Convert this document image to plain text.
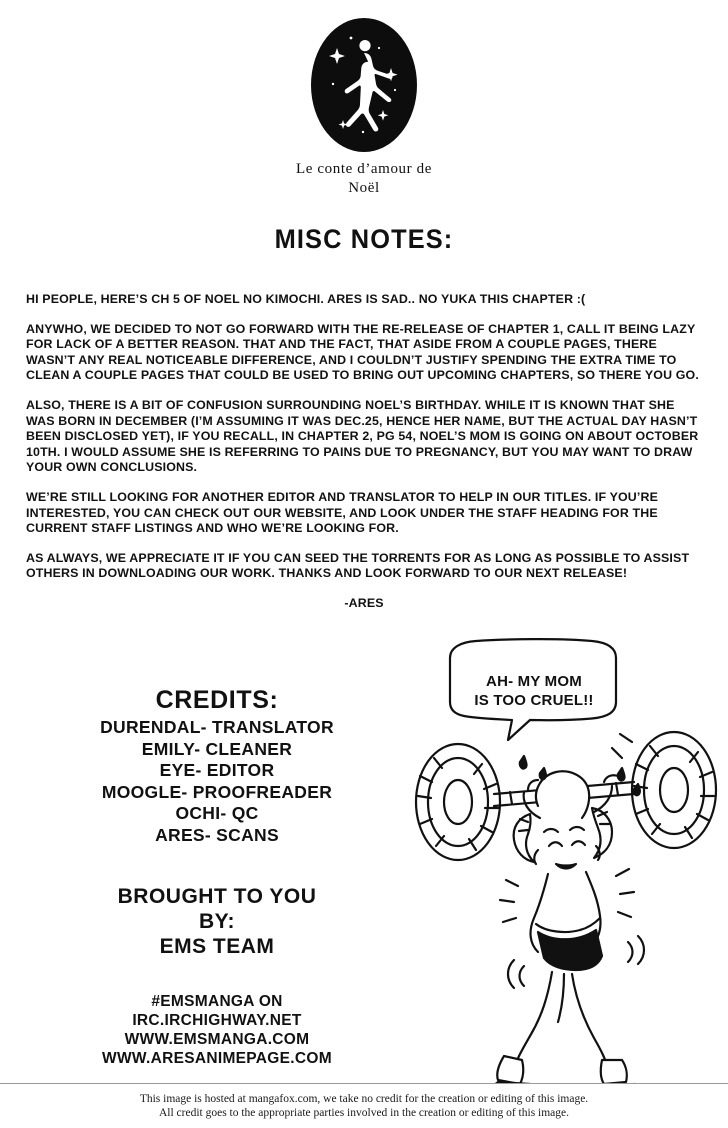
Le conte d’amour de
Noël
MISC NOTES:

HI PEOPLE, HERE’S CH 5 OF NOEL NO KIMOCHI. ARES IS SAD.. NO YUKA THIS CHAPTER :(

ANYWHO, WE DECIDED TO NOT GO FORWARD WITH THE RE-RELEASE OF CHAPTER 1, CALL IT BEING LAZY FOR LACK OF A BETTER REASON. THAT AND THE FACT, THAT ASIDE FROM A COUPLE PAGES, THERE WASN’T ANY REAL NOTICEABLE DIFFERENCE, AND I COULDN’T JUSTIFY SPENDING THE EXTRA TIME TO CLEAN A COUPLE PAGES THAT COULD BE USED TO BRING OUT UPCOMING CHAPTERS, SO THERE YOU GO.

ALSO, THERE IS A BIT OF CONFUSION SURROUNDING NOEL’S BIRTHDAY. WHILE IT IS KNOWN THAT SHE WAS BORN IN DECEMBER (I’M ASSUMING IT WAS DEC.25, HENCE HER NAME, BUT THE ACTUAL DAY HASN’T BEEN DISCLOSED YET), IF YOU RECALL, IN CHAPTER 2, PG 54, NOEL’S MOM IS GOING ON ABOUT OCTOBER 10TH. I WOULD ASSUME SHE IS REFERRING TO PAINS DUE TO PREGNANCY, BUT YOU MAY WANT TO DRAW YOUR OWN CONCLUSIONS.

WE’RE STILL LOOKING FOR ANOTHER EDITOR AND TRANSLATOR TO HELP IN OUR TITLES. IF YOU’RE INTERESTED, YOU CAN CHECK OUT OUR WEBSITE, AND LOOK UNDER THE STAFF HEADING FOR THE CURRENT STAFF LISTINGS AND WHO WE’RE LOOKING FOR.

AS ALWAYS, WE APPRECIATE IT IF YOU CAN SEED THE TORRENTS FOR AS LONG AS POSSIBLE TO ASSIST OTHERS IN DOWNLOADING OUR WORK. THANKS AND LOOK FORWARD TO OUR NEXT RELEASE!

-ARES

CREDITS:
DURENDAL- TRANSLATOR
EMILY- CLEANER
EYE- EDITOR
MOOGLE- PROOFREADER
OCHI- QC
ARES- SCANS
BROUGHT TO YOU
BY:
EMS TEAM
#EMSMANGA ON
IRC.IRCHIGHWAY.NET
WWW.EMSMANGA.COM
WWW.ARESANIMEPAGE.COM
AH- MY MOM
IS TOO CRUEL!!
This image is hosted at mangafox.com, we take no credit for the creation or editing of this image.
All credit goes to the appropriate parties involved in the creation or editing of this image.
